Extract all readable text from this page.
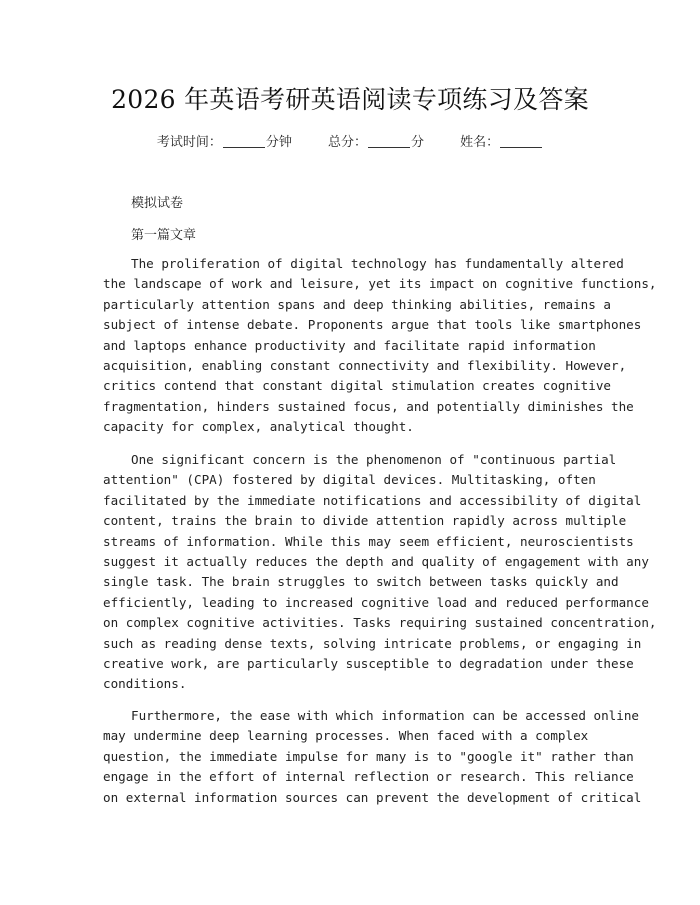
2026 年英语考研英语阅读专项练习及答案
考试时间：	分钟	总分：	分	姓名：
模拟试卷
第一篇文章
The proliferation of digital technology has fundamentally altered
the landscape of work and leisure, yet its impact on cognitive functions,
particularly attention spans and deep thinking abilities, remains a
subject of intense debate. Proponents argue that tools like smartphones
and laptops enhance productivity and facilitate rapid information
acquisition, enabling constant connectivity and flexibility. However,
critics contend that constant digital stimulation creates cognitive
fragmentation, hinders sustained focus, and potentially diminishes the
capacity for complex, analytical thought.
One significant concern is the phenomenon of "continuous partial
attention" (CPA) fostered by digital devices. Multitasking, often
facilitated by the immediate notifications and accessibility of digital
content, trains the brain to divide attention rapidly across multiple
streams of information. While this may seem efficient, neuroscientists
suggest it actually reduces the depth and quality of engagement with any
single task. The brain struggles to switch between tasks quickly and
efficiently, leading to increased cognitive load and reduced performance
on complex cognitive activities. Tasks requiring sustained concentration,
such as reading dense texts, solving intricate problems, or engaging in
creative work, are particularly susceptible to degradation under these
conditions.
Furthermore, the ease with which information can be accessed online
may undermine deep learning processes. When faced with a complex
question, the immediate impulse for many is to "google it" rather than
engage in the effort of internal reflection or research. This reliance
on external information sources can prevent the development of critical
